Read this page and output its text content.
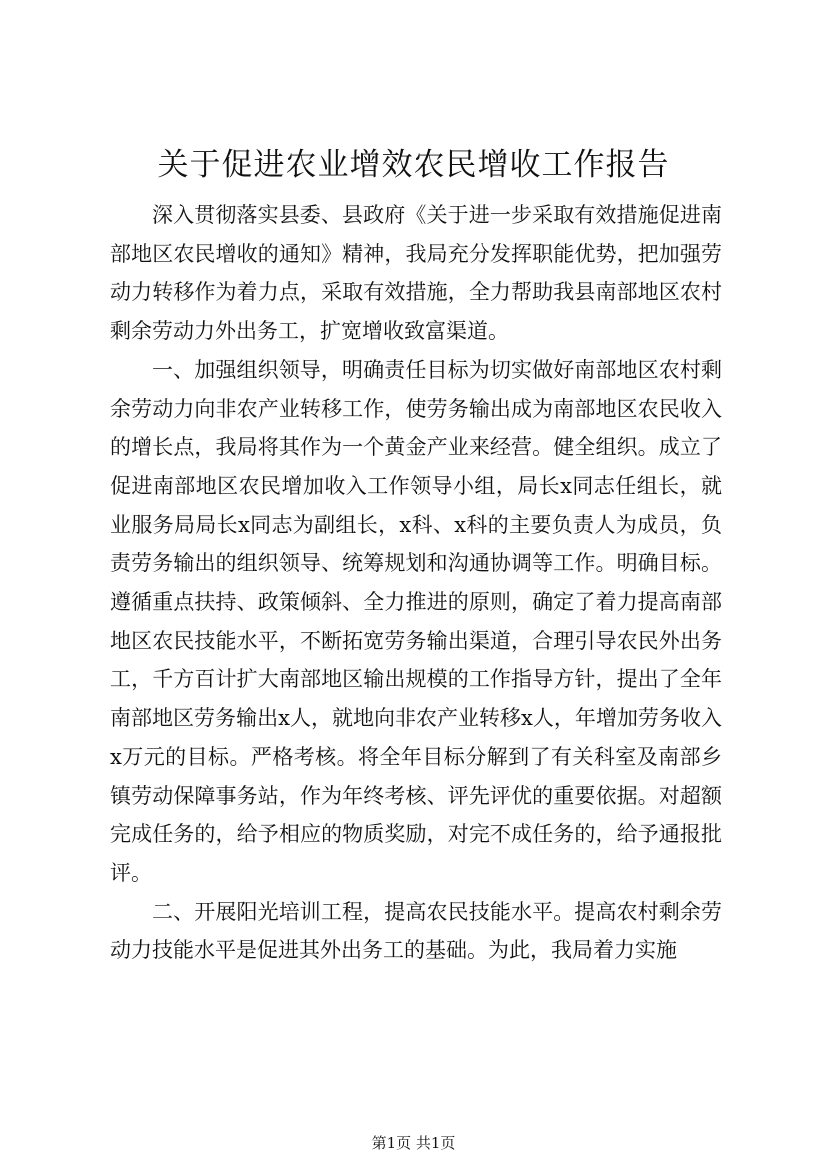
关于促进农业增效农民增收工作报告

深入贯彻落实县委、县政府《关于进一步采取有效措施促进南部地区农民增收的通知》精神，我局充分发挥职能优势，把加强劳动力转移作为着力点，采取有效措施，全力帮助我县南部地区农村剩余劳动力外出务工，扩宽增收致富渠道。

一、加强组织领导，明确责任目标为切实做好南部地区农村剩余劳动力向非农产业转移工作，使劳务输出成为南部地区农民收入的增长点，我局将其作为一个黄金产业来经营。健全组织。成立了促进南部地区农民增加收入工作领导小组，局长x同志任组长，就业服务局局长x同志为副组长，x科、x科的主要负责人为成员，负责劳务输出的组织领导、统筹规划和沟通协调等工作。明确目标。遵循重点扶持、政策倾斜、全力推进的原则，确定了着力提高南部地区农民技能水平，不断拓宽劳务输出渠道，合理引导农民外出务工，千方百计扩大南部地区输出规模的工作指导方针，提出了全年南部地区劳务输出x人，就地向非农产业转移x人，年增加劳务收入x万元的目标。严格考核。将全年目标分解到了有关科室及南部乡镇劳动保障事务站，作为年终考核、评先评优的重要依据。对超额完成任务的，给予相应的物质奖励，对完不成任务的，给予通报批评。

二、开展阳光培训工程，提高农民技能水平。提高农村剩余劳动力技能水平是促进其外出务工的基础。为此，我局着力实施

第1页 共1页
